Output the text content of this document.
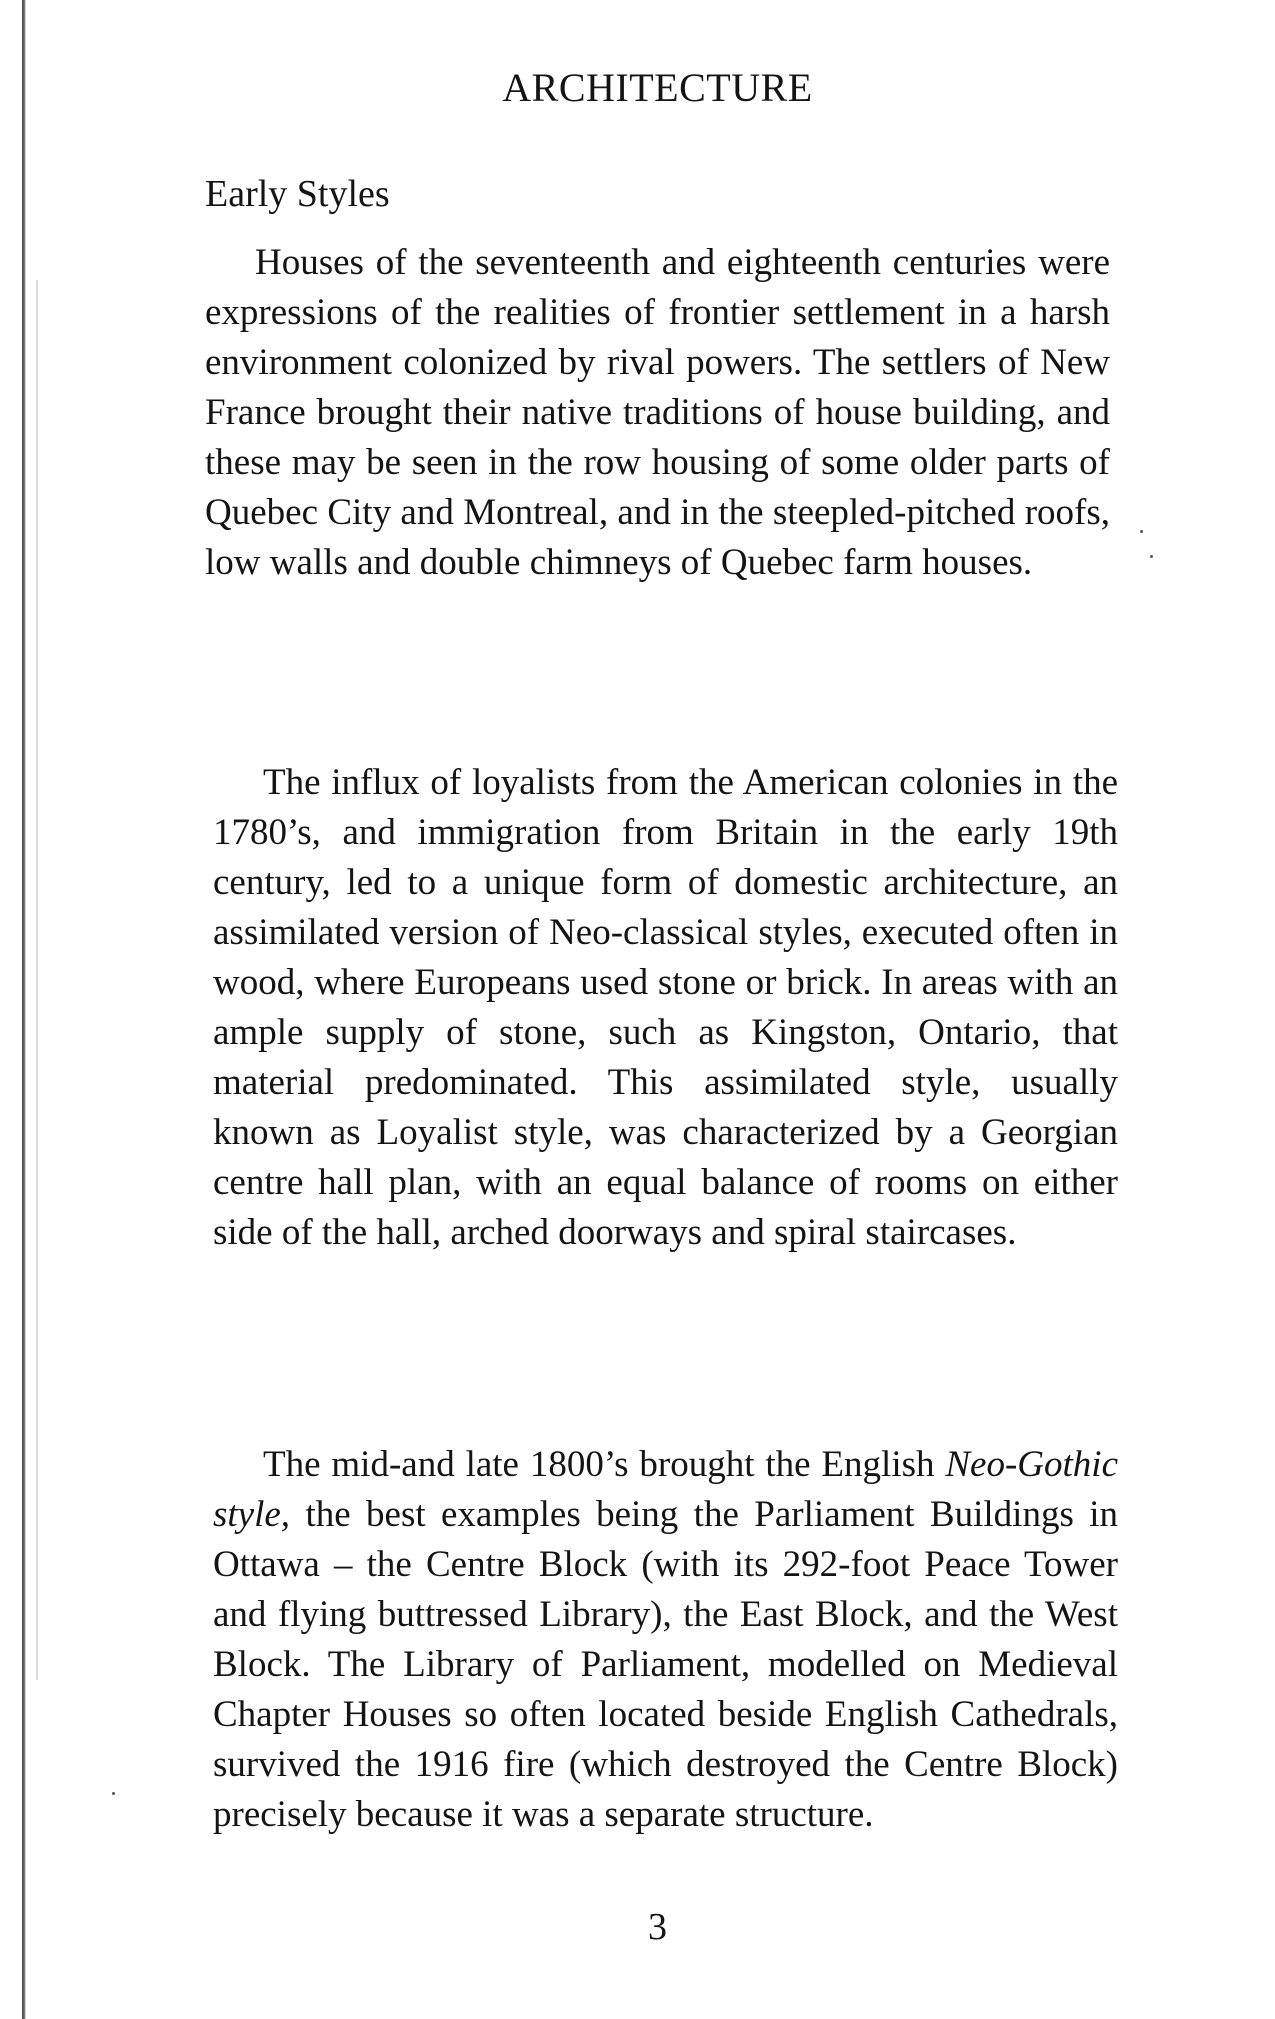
ARCHITECTURE
Early Styles

Houses of the seventeenth and eighteenth centuries were expressions of the realities of frontier settlement in a harsh environment colonized by rival powers. The settlers of New France brought their native traditions of house building, and these may be seen in the row housing of some older parts of Quebec City and Montreal, and in the steepled-pitched roofs, low walls and double chimneys of Quebec farm houses.

The influx of loyalists from the American colonies in the 1780’s, and immigration from Britain in the early 19th century, led to a unique form of domestic architecture, an assimilated version of Neo-classical styles, executed often in wood, where Europeans used stone or brick. In areas with an ample supply of stone, such as Kingston, Ontario, that material predominated. This assimilated style, usually known as Loyalist style, was characterized by a Georgian centre hall plan, with an equal balance of rooms on either side of the hall, arched doorways and spiral staircases.

The mid-and late 1800’s brought the English Neo-Gothic style, the best examples being the Parliament Buildings in Ottawa – the Centre Block (with its 292-foot Peace Tower and flying buttressed Library), the East Block, and the West Block. The Library of Parliament, modelled on Medieval Chapter Houses so often located beside English Cathedrals, survived the 1916 fire (which destroyed the Centre Block) precisely because it was a separate structure.

3
